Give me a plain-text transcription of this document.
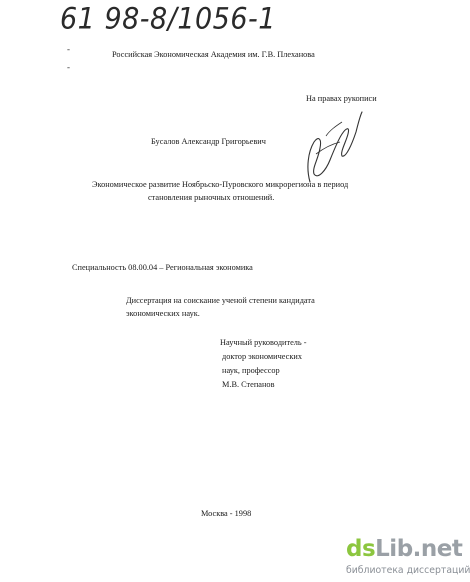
61 98-8/1056-1
-
-
Российская Экономическая Академия им. Г.В. Плеханова
На правах рукописи
Бусалов Александр Григорьевич
Экономическое развитие Ноябрьско-Пуровского микрорегиона в период
становления рыночных отношений.
Специальность 08.00.04 – Региональная экономика
Диссертация на соискание ученой степени кандидата
экономических наук.
Научный руководитель -
доктор экономических
наук, профессор
М.В. Степанов
Москва - 1998
dsLib.net
библиотека диссертаций
